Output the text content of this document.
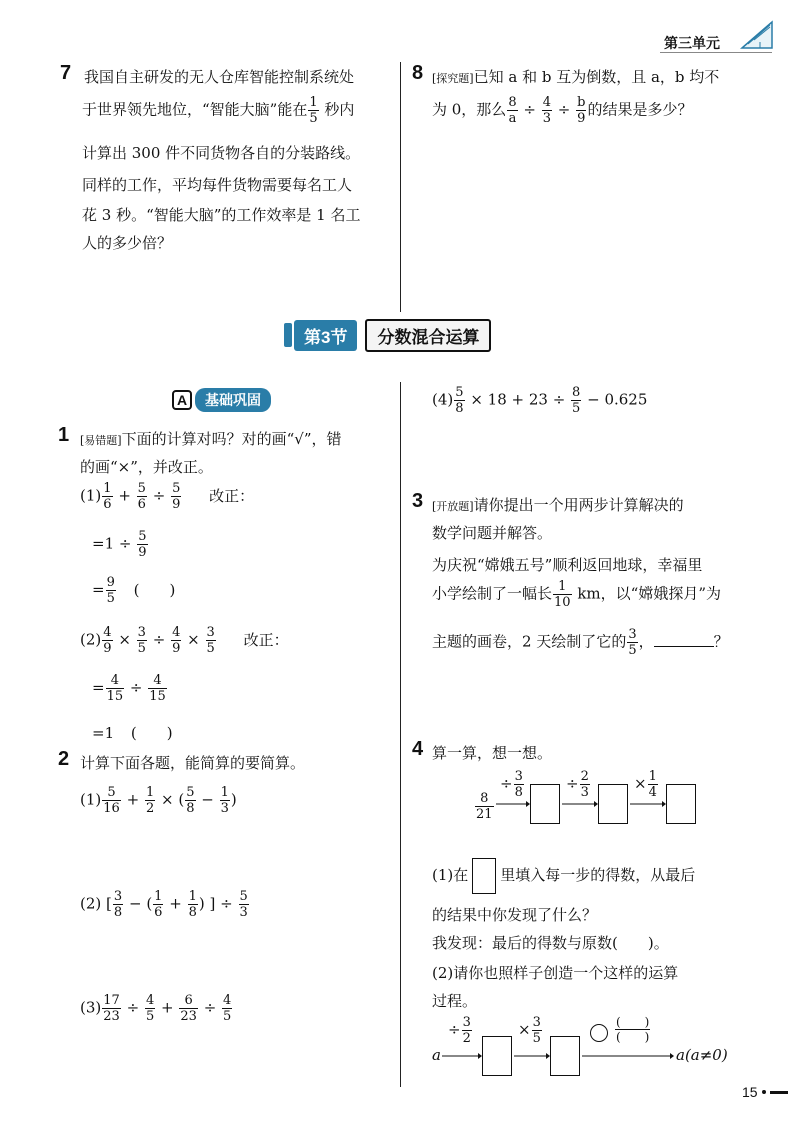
第三单元
7 我国自主研发的无人仓库智能控制系统处
于世界领先地位，“智能大脑”能在 $\frac{1}{5}$ 秒内
计算出 300 件不同货物各自的分装路线。
同样的工作，平均每件货物需要每名工人
花 3 秒。“智能大脑”的工作效率是 1 名工
人的多少倍？
8 [探究题]已知 a 和 b 互为倒数，且 a，b 均不
为 0，那么 $\frac{8}{a} \div \frac{4}{3} \div \frac{b}{9}$ 的结果是多少？
第3节	分数混合运算
A	基础巩固
1 [易错题]下面的计算对吗？对的画“√”，错
的画“×”，并改正。
$(1) \frac{1}{6} + \frac{5}{6} \div \frac{5}{9}$ 改正：
$=1 \div \frac{5}{9}$
= $\frac{9}{5}$ (　　)
$(2) \frac{4}{9} \times \frac{3}{5} \div \frac{4}{9} \times \frac{3}{5}$ 改正：
= $\frac{4}{15} \div \frac{4}{15}$
=1 (　　)
2 计算下面各题，能简算的要简算。
$(1) \frac{5}{16} + \frac{1}{2}$ × ( $\frac{5}{8} - \frac{1}{3}$ )
(2) [ $\frac{3}{8}$ − ( $\frac{1}{6} + \frac{1}{8}$ ) ] ÷ $\frac{5}{3}$
$(3) \frac{17}{23} \div \frac{4}{5} + \frac{6}{23} \div \frac{4}{5}$
$(4) \frac{5}{8} \times 18 + 23 \div \frac{8}{5} - 0.625$
3 [开放题]请你提出一个用两步计算解决的
数学问题并解答。
为庆祝“嫦娥五号”顺利返回地球，幸福里
小学绘制了一幅长 $\frac{1}{10}$ km，以“嫦娥探月”为
主题的画卷，2 天绘制了它的 $\frac{3}{5}$ ，	？
4 算一算，想一想。
$\frac{8}{21}$
÷ $\frac{3}{8}$	÷ $\frac{2}{3}$	× $\frac{1}{4}$
(1)在 里填入每一步的得数，从最后
的结果中你发现了什么？
我发现：最后的得数与原数(　　)。
(2)请你也照样子创造一个这样的运算
过程。
a
÷ $\frac{3}{2}$	× $\frac{3}{5}$	(　　)
(　　)
a(a≠0)
15
